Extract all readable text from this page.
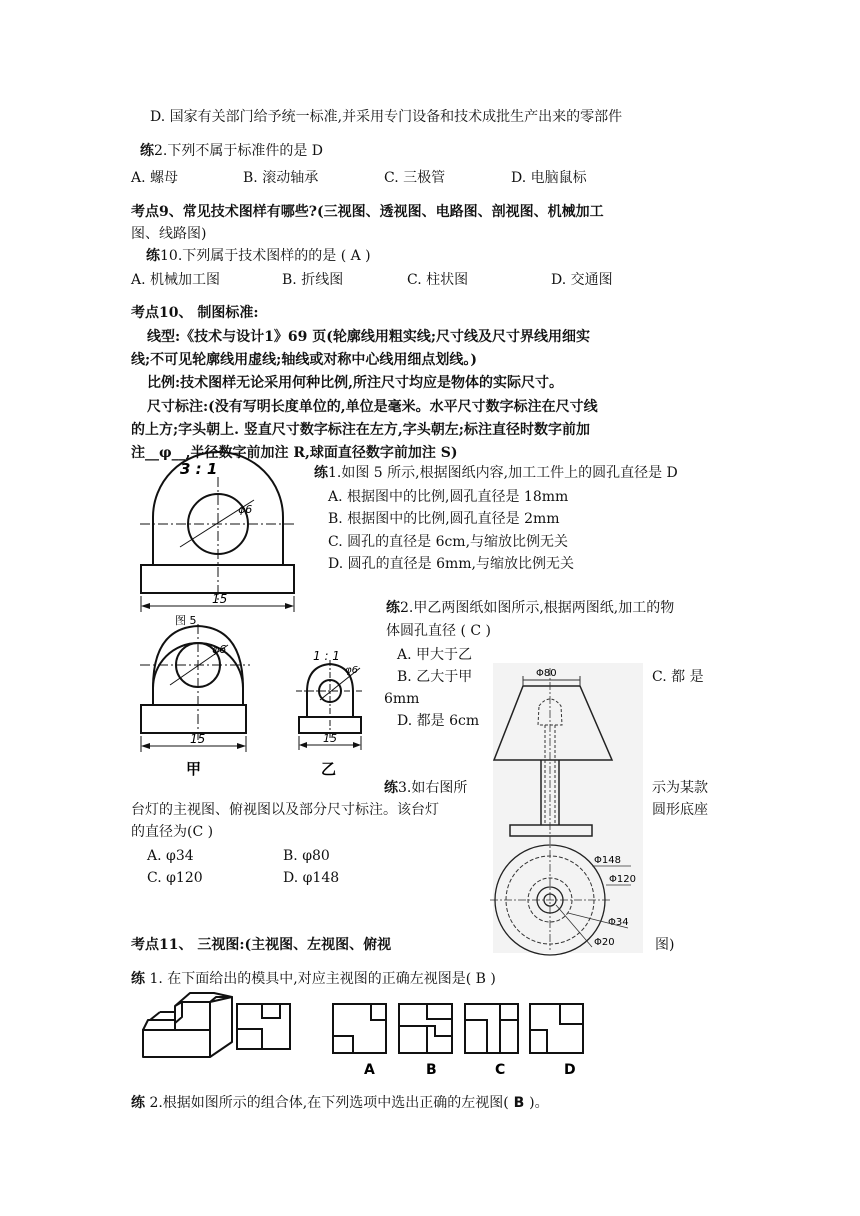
D. 国家有关部门给予统一标准,并采用专门设备和技术成批生产出来的零部件
练2.下列不属于标准件的是 D
A. 螺母	B. 滚动轴承	C. 三极管	D. 电脑鼠标
考点9、常见技术图样有哪些?(三视图、透视图、电路图、剖视图、机械加工
图、线路图)
练10.下列属于技术图样的的是 ( A )
A. 机械加工图	B. 折线图	C. 柱状图	D. 交通图
考点10、 制图标准:
线型:《技术与设计1》69 页(轮廓线用粗实线;尺寸线及尺寸界线用细实
线;不可见轮廓线用虚线;轴线或对称中心线用细点划线。)
比例:技术图样无论采用何种比例,所注尺寸均应是物体的实际尺寸。
尺寸标注:(没有写明长度单位的,单位是毫米。水平尺寸数字标注在尺寸线
的上方;字头朝上. 竖直尺寸数字标注在左方,字头朝左;标注直径时数字前加
注__φ__,半径数字前加注 R,球面直径数字前加注 S)
练1.如图 5 所示,根据图纸内容,加工工件上的圆孔直径是 D
A. 根据图中的比例,圆孔直径是 18mm
B. 根据图中的比例,圆孔直径是 2mm
C. 圆孔的直径是 6cm,与缩放比例无关
D. 圆孔的直径是 6mm,与缩放比例无关
练2.甲乙两图纸如图所示,根据两图纸,加工的物
体圆孔直径 ( C )
A. 甲大于乙
B. 乙大于甲	C. 都 是
6mm
D. 都是 6cm
练3.如右图所	示为某款
台灯的主视图、俯视图以及部分尺寸标注。该台灯	圆形底座
的直径为(C )
A. φ34	B. φ80
C. φ120	D. φ148
考点11、 三视图:(主视图、左视图、俯视	图)
练 1. 在下面给出的模具中,对应主视图的正确左视图是( B )
练 2.根据如图所示的组合体,在下列选项中选出正确的左视图( B )。
3 : 1
φ6
15
图 5
φ6
15
甲
1 : 1
φ6
15
乙
Φ80
Φ148
Φ120
Φ34
Φ20
A	B	C	D
